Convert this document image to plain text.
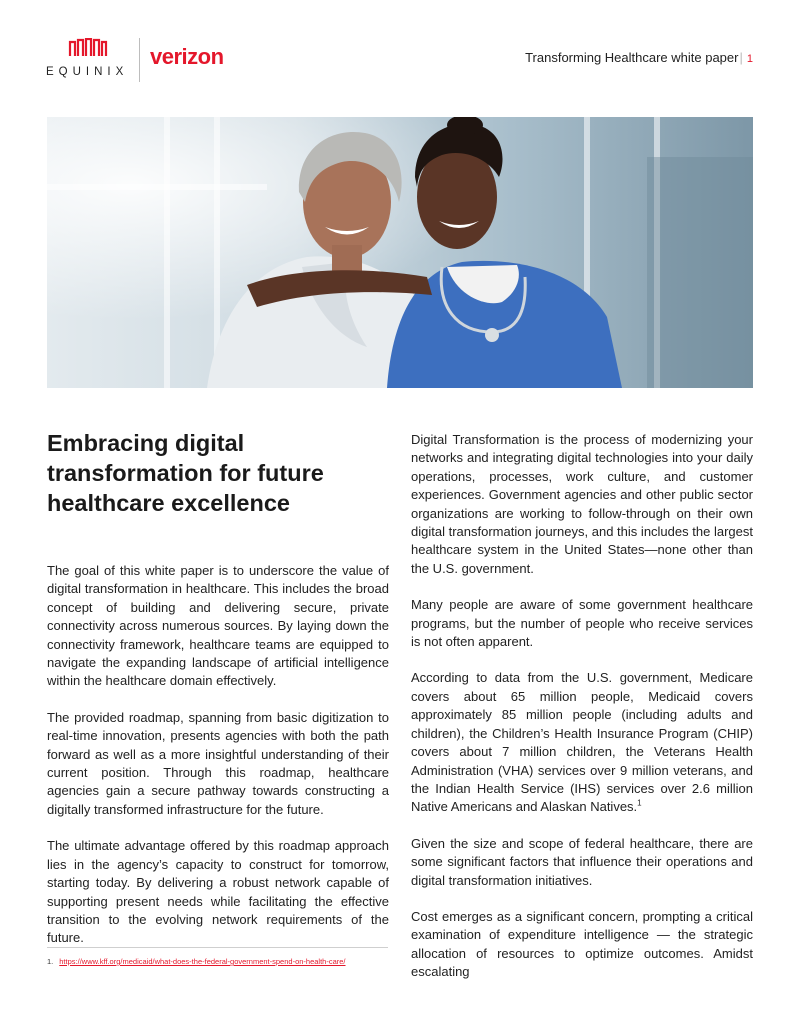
EQUINIX
verizon	Transforming Healthcare white paper| 1
Embracing digital transformation for future healthcare excellence

The goal of this white paper is to underscore the value of digital transformation in healthcare. This includes the broad concept of building and delivering secure, private connectivity across numerous sources. By laying down the connectivity framework, healthcare teams are equipped to navigate the expanding landscape of artificial intelligence within the healthcare domain effectively.

The provided roadmap, spanning from basic digitization to real-time innovation, presents agencies with both the path forward as well as a more insightful understanding of their current position. Through this roadmap, healthcare agencies gain a secure pathway towards constructing a digitally transformed infrastructure for the future.

The ultimate advantage offered by this roadmap approach lies in the agency’s capacity to construct for tomorrow, starting today. By delivering a robust network capable of supporting present needs while facilitating the effective transition to the evolving network requirements of the future.

Digital Transformation is the process of modernizing your networks and integrating digital technologies into your daily operations, processes, work culture, and customer experiences. Government agencies and other public sector organizations are working to follow-through on their own digital transformation journeys, and this includes the largest healthcare system in the United States—none other than the U.S. government.

Many people are aware of some government healthcare programs, but the number of people who receive services is not often apparent.

According to data from the U.S. government, Medicare covers about 65 million people, Medicaid covers approximately 85 million people (including adults and children), the Children’s Health Insurance Program (CHIP) covers about 7 million children, the Veterans Health Administration (VHA) services over 9 million veterans, and the Indian Health Service (IHS) services over 2.6 million Native Americans and Alaskan Natives.$^1$

Given the size and scope of federal healthcare, there are some significant factors that influence their operations and digital transformation initiatives.

Cost emerges as a significant concern, prompting a critical examination of expenditure intelligence — the strategic allocation of resources to optimize outcomes. Amidst escalating

1. https://www.kff.org/medicaid/what-does-the-federal-government-spend-on-health-care/
